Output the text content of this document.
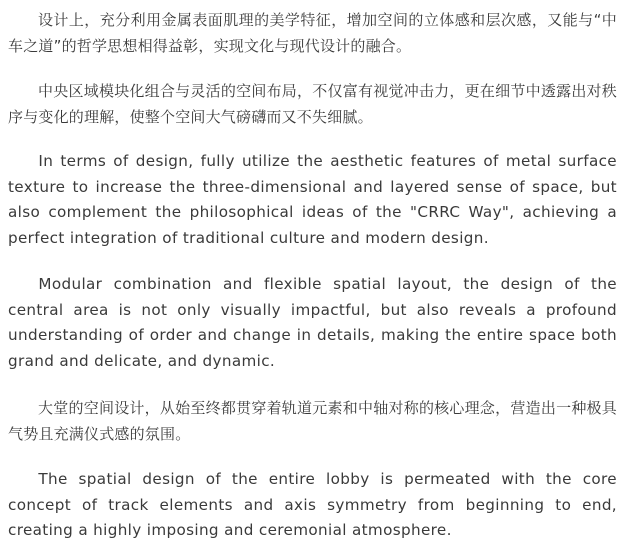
设计上，充分利用金属表面肌理的美学特征，增加空间的立体感和层次感，又能与“中车之道”的哲学思想相得益彰，实现文化与现代设计的融合。

中央区域模块化组合与灵活的空间布局，不仅富有视觉冲击力，更在细节中透露出对秩序与变化的理解，使整个空间大气磅礴而又不失细腻。

In terms of design, fully utilize the aesthetic features of metal surface texture to increase the three-dimensional and layered sense of space, but also complement the philosophical ideas of the "CRRC Way", achieving a perfect integration of traditional culture and modern design.

Modular combination and flexible spatial layout, the design of the central area is not only visually impactful, but also reveals a profound understanding of order and change in details, making the entire space both grand and delicate, and dynamic.

大堂的空间设计，从始至终都贯穿着轨道元素和中轴对称的核心理念，营造出一种极具气势且充满仪式感的氛围。

The spatial design of the entire lobby is permeated with the core concept of track elements and axis symmetry from beginning to end, creating a highly imposing and ceremonial atmosphere.
